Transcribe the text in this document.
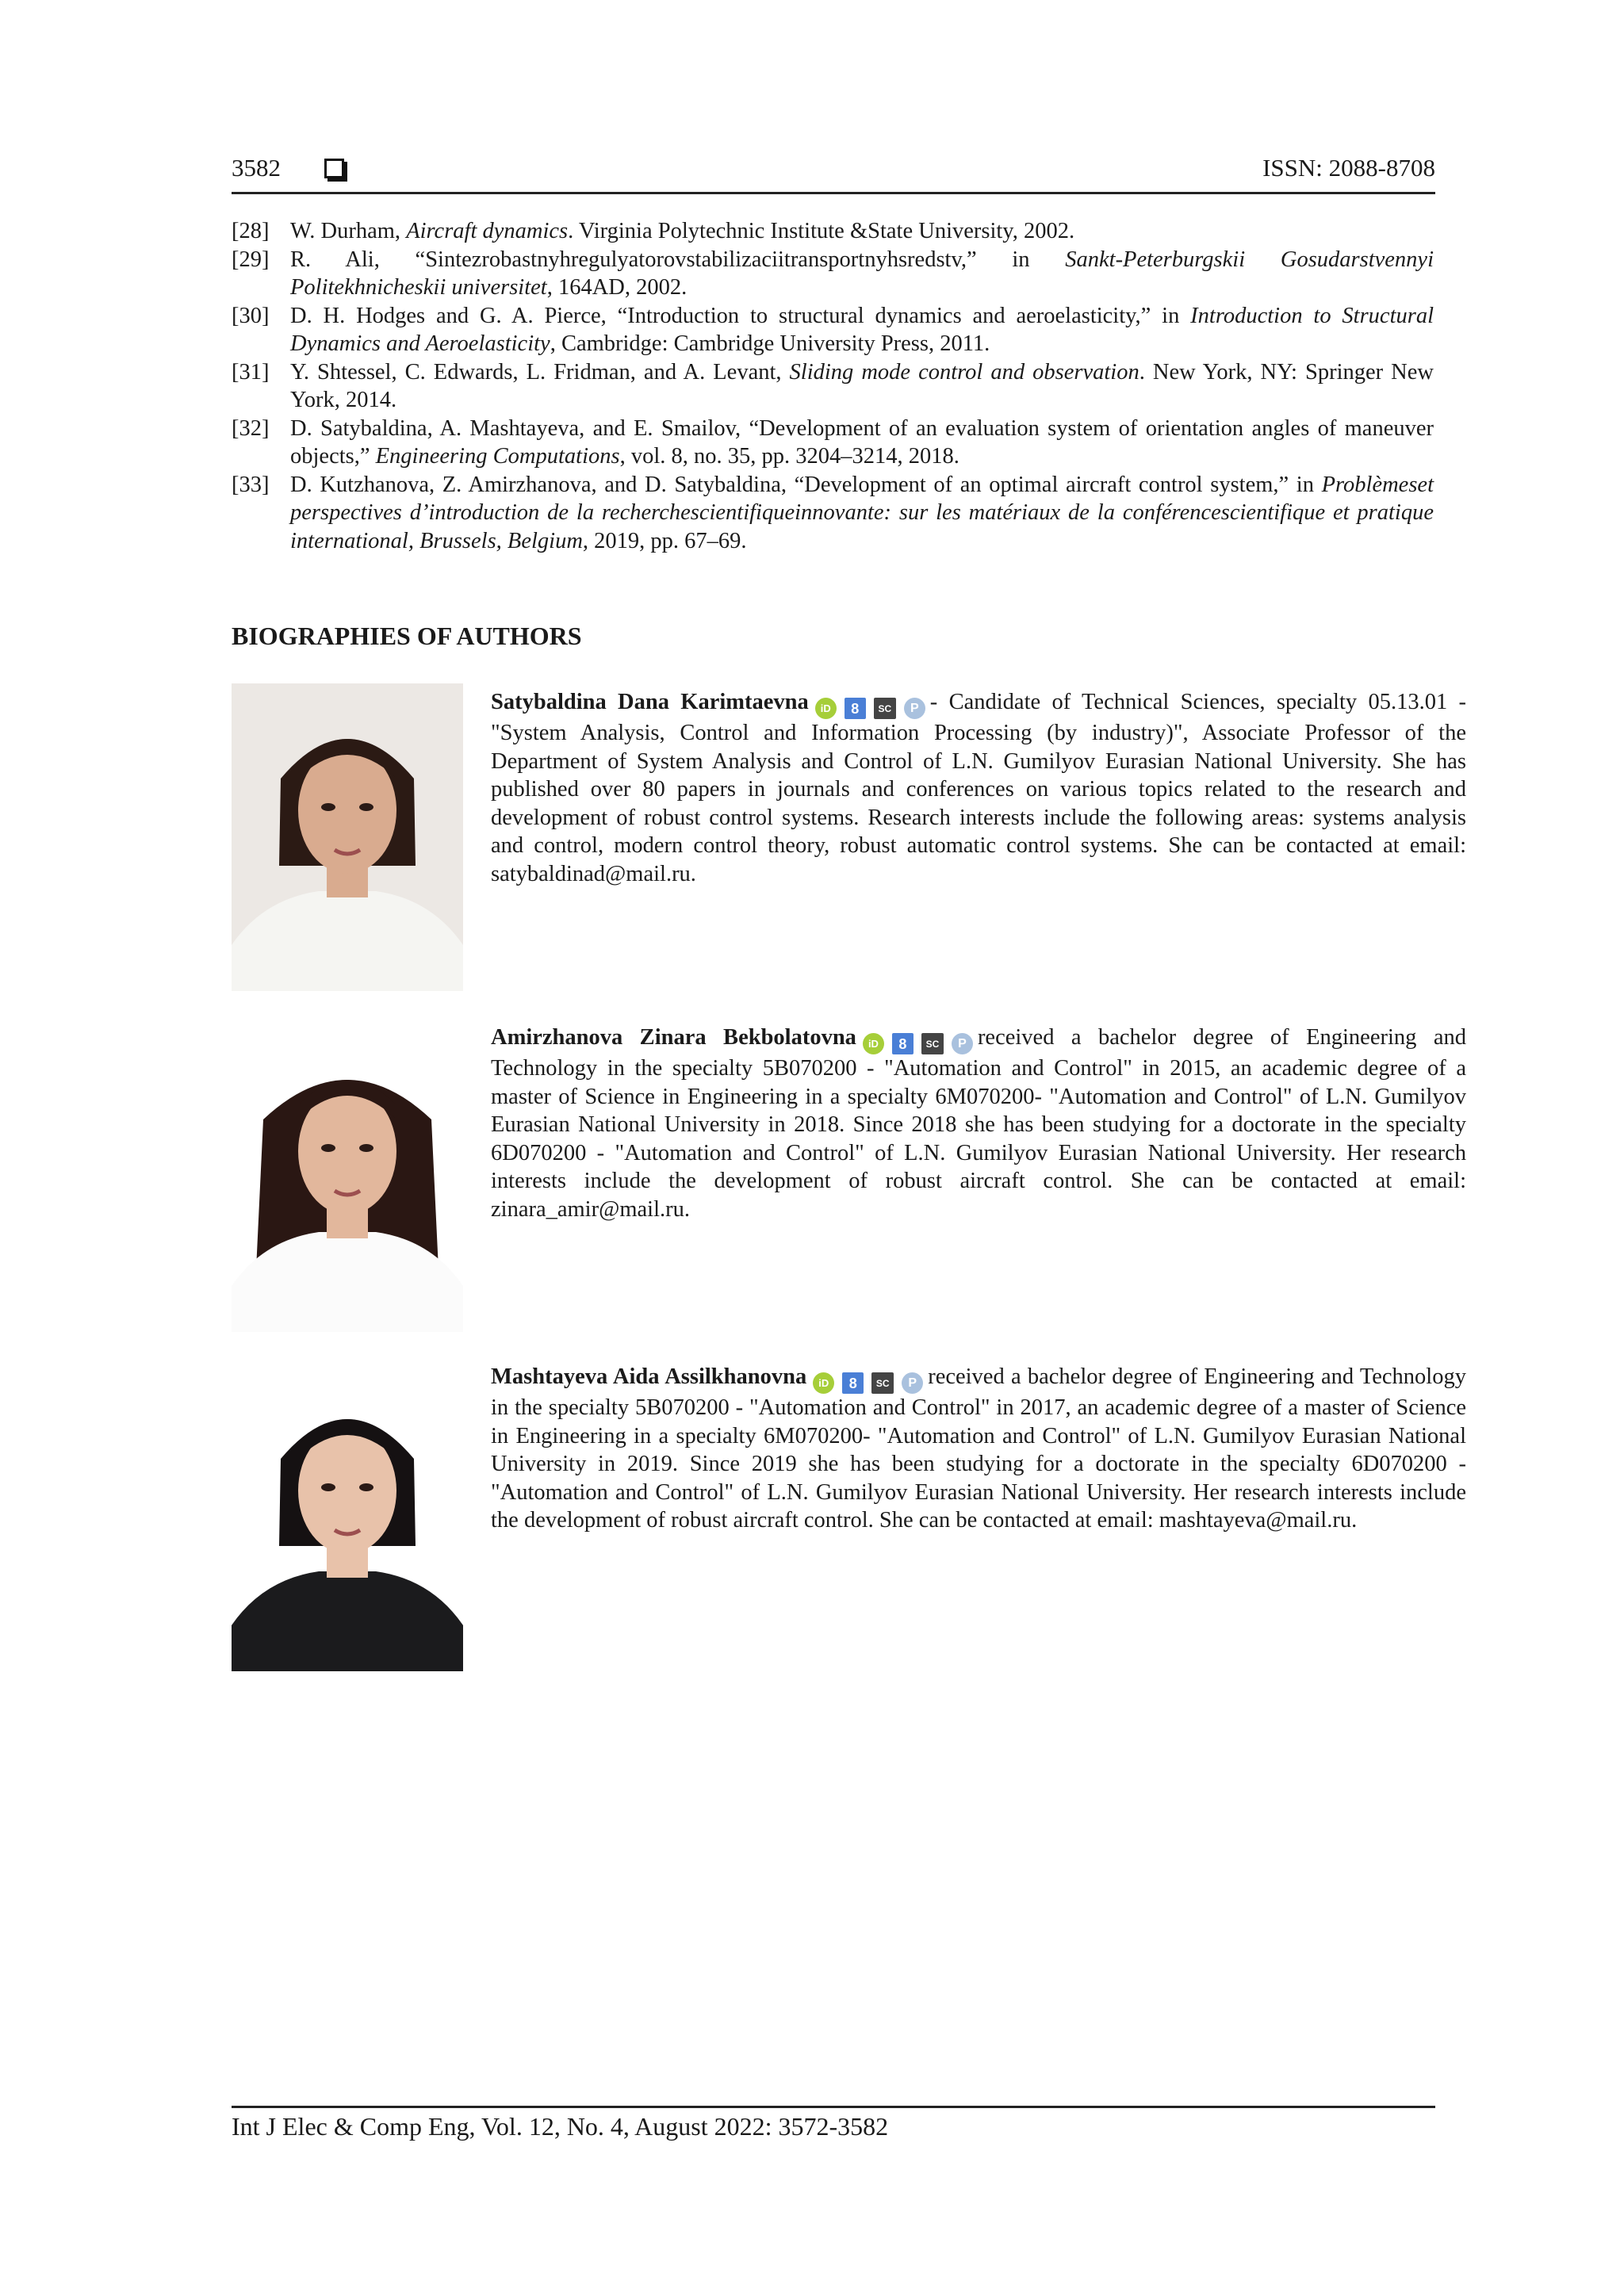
3582	ISSN: 2088-8708
[28] W. Durham, Aircraft dynamics. Virginia Polytechnic Institute &State University, 2002.
[29] R. Ali, “Sintezrobastnyhregulyatorovstabilizaciitransportnyhsredstv,” in Sankt-Peterburgskii Gosudarstvennyi Politekhnicheskii universitet, 164AD, 2002.
[30] D. H. Hodges and G. A. Pierce, “Introduction to structural dynamics and aeroelasticity,” in Introduction to Structural Dynamics and Aeroelasticity, Cambridge: Cambridge University Press, 2011.
[31] Y. Shtessel, C. Edwards, L. Fridman, and A. Levant, Sliding mode control and observation. New York, NY: Springer New York, 2014.
[32] D. Satybaldina, A. Mashtayeva, and E. Smailov, “Development of an evaluation system of orientation angles of maneuver objects,” Engineering Computations, vol. 8, no. 35, pp. 3204–3214, 2018.
[33] D. Kutzhanova, Z. Amirzhanova, and D. Satybaldina, “Development of an optimal aircraft control system,” in Problèmeset perspectives d’introduction de la recherchescientifiqueinnovante: sur les matériaux de la conférencescientifique et pratique international, Brussels, Belgium, 2019, pp. 67–69.
BIOGRAPHIES OF AUTHORS
Satybaldina Dana Karimtaevna	iD	8	SC	P - Candidate of Technical Sciences, specialty 05.13.01 - "System Analysis, Control and Information Processing (by industry)", Associate Professor of the Department of System Analysis and Control of L.N. Gumilyov Eurasian National University. She has published over 80 papers in journals and conferences on various topics related to the research and development of robust control systems. Research interests include the following areas: systems analysis and control, modern control theory, robust automatic control systems. She can be contacted at email: satybaldinad@mail.ru.
Amirzhanova Zinara Bekbolatovna	iD	8	SC	P received a bachelor degree of Engineering and Technology in the specialty 5B070200 - "Automation and Control" in 2015, an academic degree of a master of Science in Engineering in a specialty 6M070200- "Automation and Control" of L.N. Gumilyov Eurasian National University in 2018. Since 2018 she has been studying for a doctorate in the specialty 6D070200 - "Automation and Control" of L.N. Gumilyov Eurasian National University. Her research interests include the development of robust aircraft control. She can be contacted at email: zinara_amir@mail.ru.
Mashtayeva Aida Assilkhanovna	iD	8	SC	P received a bachelor degree of Engineering and Technology in the specialty 5B070200 - "Automation and Control" in 2017, an academic degree of a master of Science in Engineering in a specialty 6M070200- "Automation and Control" of L.N. Gumilyov Eurasian National University in 2019. Since 2019 she has been studying for a doctorate in the specialty 6D070200 - "Automation and Control" of L.N. Gumilyov Eurasian National University. Her research interests include the development of robust aircraft control. She can be contacted at email: mashtayeva@mail.ru.
Int J Elec & Comp Eng, Vol. 12, No. 4, August 2022: 3572-3582
